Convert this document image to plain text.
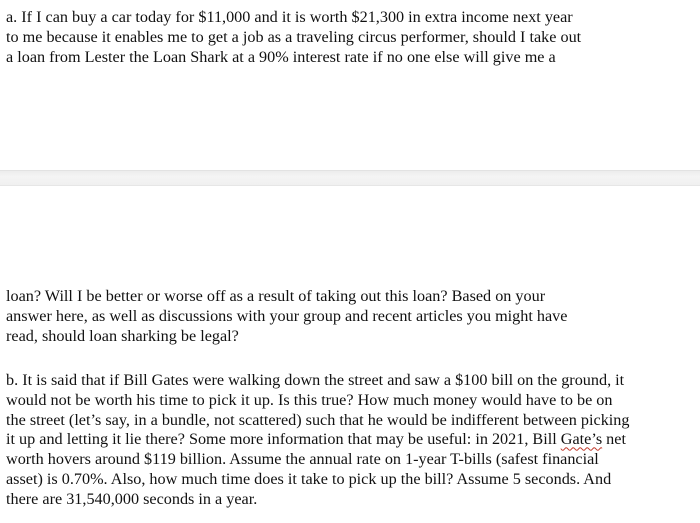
a. If I can buy a car today for $11,000 and it is worth $21,300 in extra income next year
to me because it enables me to get a job as a traveling circus performer, should I take out
a loan from Lester the Loan Shark at a 90% interest rate if no one else will give me a

loan? Will I be better or worse off as a result of taking out this loan? Based on your
answer here, as well as discussions with your group and recent articles you might have
read, should loan sharking be legal?

b. It is said that if Bill Gates were walking down the street and saw a $100 bill on the ground, it
would not be worth his time to pick it up. Is this true? How much money would have to be on
the street (let’s say, in a bundle, not scattered) such that he would be indifferent between picking
it up and letting it lie there? Some more information that may be useful: in 2021, Bill Gate’s net
worth hovers around $119 billion. Assume the annual rate on 1-year T-bills (safest financial
asset) is 0.70%. Also, how much time does it take to pick up the bill? Assume 5 seconds. And
there are 31,540,000 seconds in a year.
